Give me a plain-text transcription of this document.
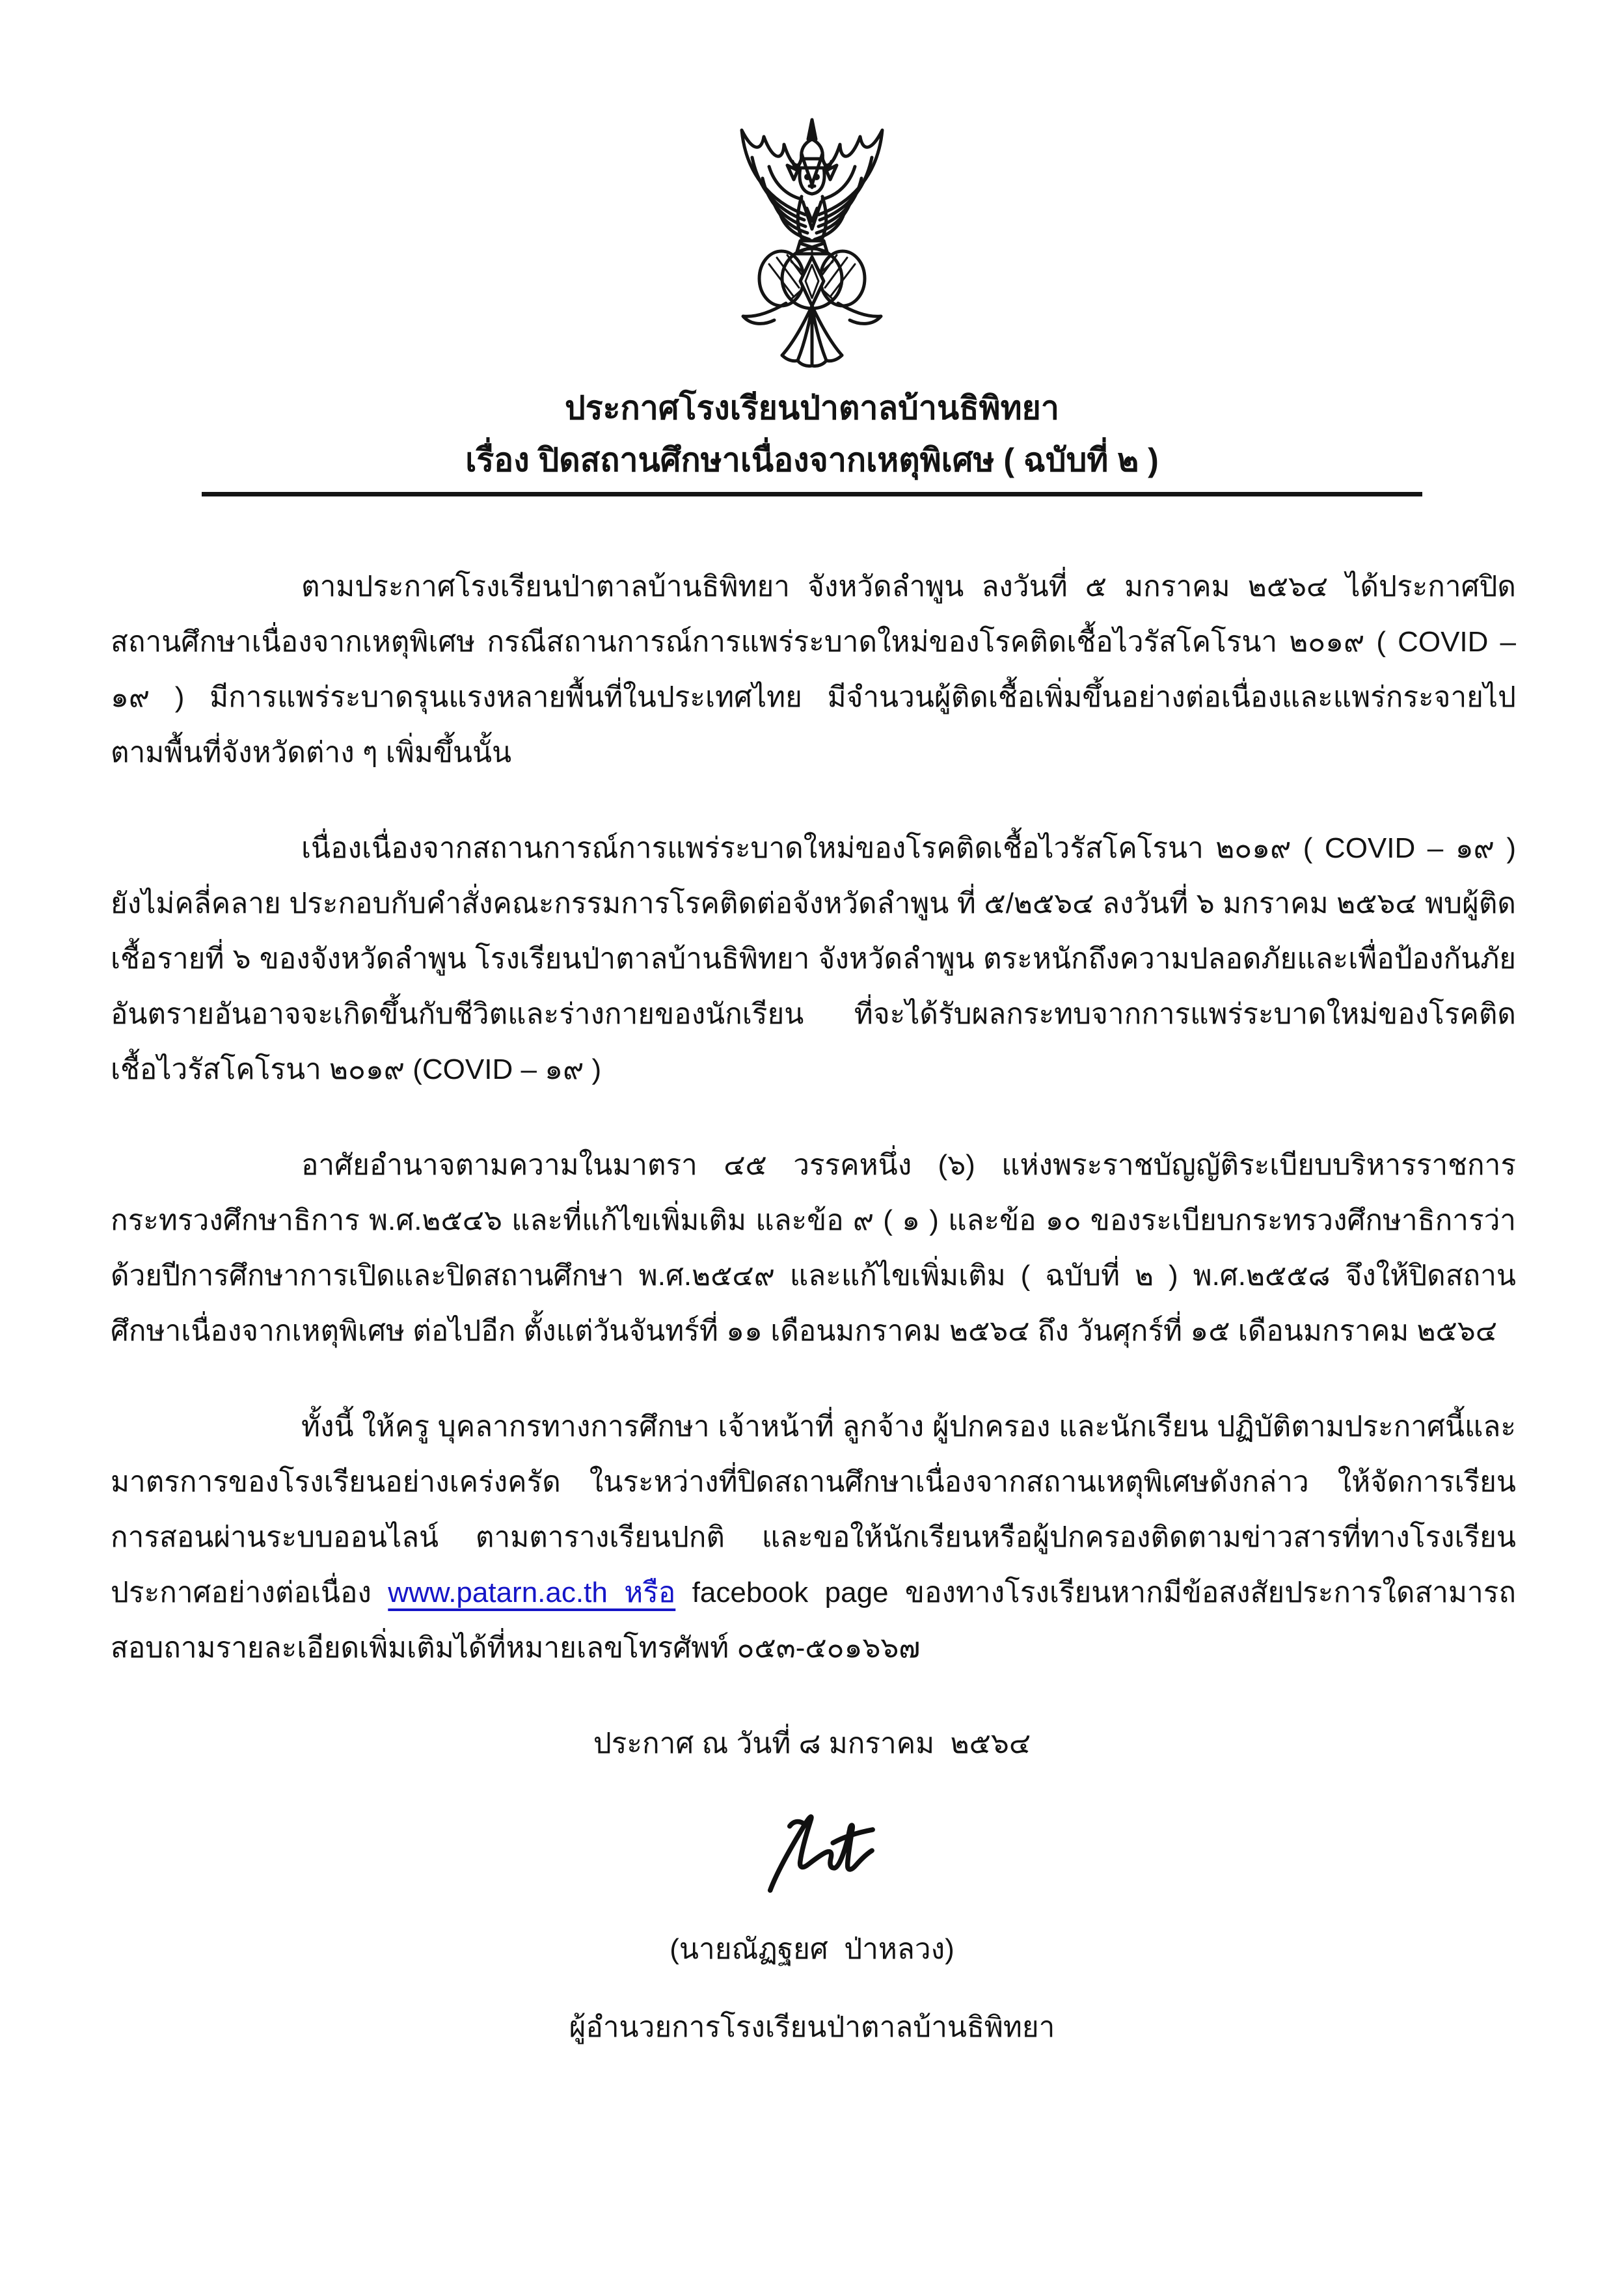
ประกาศโรงเรียนป่าตาลบ้านธิพิทยา
เรื่อง ปิดสถานศึกษาเนื่องจากเหตุพิเศษ ( ฉบับที่ ๒ )

ตามประกาศโรงเรียนป่าตาลบ้านธิพิทยา จังหวัดลำพูน ลงวันที่ ๕ มกราคม ๒๕๖๔ ได้ประกาศปิดสถานศึกษาเนื่องจากเหตุพิเศษ กรณีสถานการณ์การแพร่ระบาดใหม่ของโรคติดเชื้อไวรัสโคโรนา ๒๐๑๙ ( COVID – ๑๙ ) มีการแพร่ระบาดรุนแรงหลายพื้นที่ในประเทศไทย มีจำนวนผู้ติดเชื้อเพิ่มขึ้นอย่างต่อเนื่องและแพร่กระจายไปตามพื้นที่จังหวัดต่าง ๆ เพิ่มขึ้นนั้น

เนื่องเนื่องจากสถานการณ์การแพร่ระบาดใหม่ของโรคติดเชื้อไวรัสโคโรนา ๒๐๑๙ ( COVID – ๑๙ ) ยังไม่คลี่คลาย ประกอบกับคำสั่งคณะกรรมการโรคติดต่อจังหวัดลำพูน ที่ ๕/๒๕๖๔ ลงวันที่ ๖ มกราคม ๒๕๖๔ พบผู้ติดเชื้อรายที่ ๖ ของจังหวัดลำพูน โรงเรียนป่าตาลบ้านธิพิทยา จังหวัดลำพูน ตระหนักถึงความปลอดภัยและเพื่อป้องกันภัยอันตรายอันอาจจะเกิดขึ้นกับชีวิตและร่างกายของนักเรียน ที่จะได้รับผลกระทบจากการแพร่ระบาดใหม่ของโรคติดเชื้อไวรัสโคโรนา ๒๐๑๙ (COVID – ๑๙ )

อาศัยอำนาจตามความในมาตรา ๔๕ วรรคหนึ่ง (๖) แห่งพระราชบัญญัติระเบียบบริหารราชการกระทรวงศึกษาธิการ พ.ศ.๒๕๔๖ และที่แก้ไขเพิ่มเติม และข้อ ๙ ( ๑ ) และข้อ ๑๐ ของระเบียบกระทรวงศึกษาธิการว่าด้วยปีการศึกษาการเปิดและปิดสถานศึกษา พ.ศ.๒๕๔๙ และแก้ไขเพิ่มเติม ( ฉบับที่ ๒ ) พ.ศ.๒๕๕๘ จึงให้ปิดสถานศึกษาเนื่องจากเหตุพิเศษ ต่อไปอีก ตั้งแต่วันจันทร์ที่ ๑๑ เดือนมกราคม ๒๕๖๔ ถึง วันศุกร์ที่ ๑๕ เดือนมกราคม ๒๕๖๔

ทั้งนี้ ให้ครู บุคลากรทางการศึกษา เจ้าหน้าที่ ลูกจ้าง ผู้ปกครอง และนักเรียน ปฏิบัติตามประกาศนี้และมาตรการของโรงเรียนอย่างเคร่งครัด ในระหว่างที่ปิดสถานศึกษาเนื่องจากสถานเหตุพิเศษดังกล่าว ให้จัดการเรียนการสอนผ่านระบบออนไลน์ ตามตารางเรียนปกติ และขอให้นักเรียนหรือผู้ปกครองติดตามข่าวสารที่ทางโรงเรียนประกาศอย่างต่อเนื่อง www.patarn.ac.th หรือ facebook page ของทางโรงเรียนหากมีข้อสงสัยประการใดสามารถสอบถามรายละเอียดเพิ่มเติมได้ที่หมายเลขโทรศัพท์ ๐๕๓-๕๐๑๖๖๗

ประกาศ ณ วันที่ ๘ มกราคม  ๒๕๖๔
(นายณัฏฐยศ  ป่าหลวง)
ผู้อำนวยการโรงเรียนป่าตาลบ้านธิพิทยา
